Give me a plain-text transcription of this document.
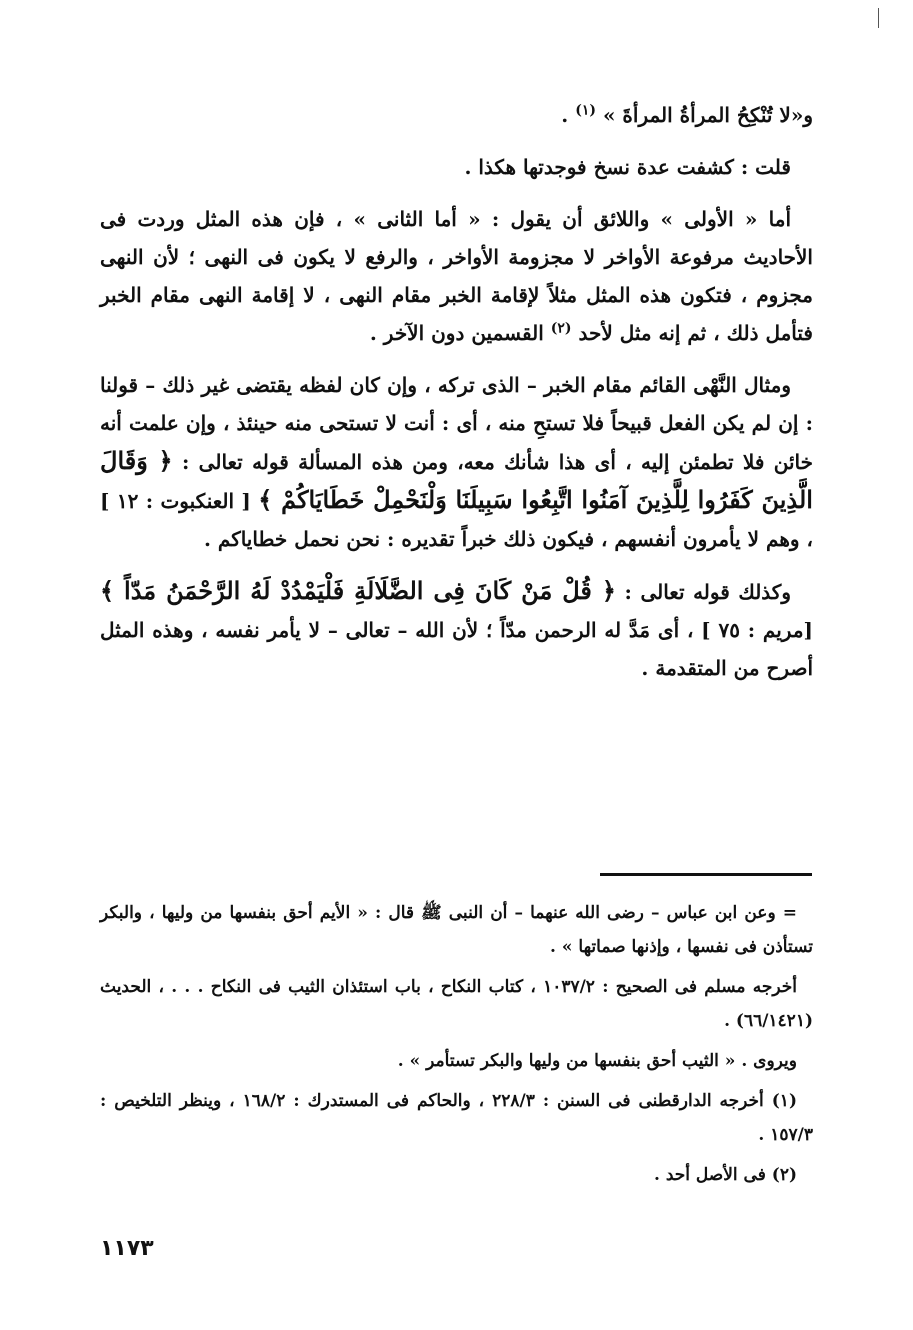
و«لا تُنْكِحُ المرأةُ المرأةَ » $^{(١)}$ .

قلت : كشفت عدة نسخ فوجدتها هكذا .

أما « الأولى » واللائق أن يقول : « أما الثانى » ، فإن هذه المثل وردت فى الأحاديث مرفوعة الأواخر لا مجزومة الأواخر ، والرفع لا يكون فى النهى ؛ لأن النهى مجزوم ، فتكون هذه المثل مثلاً لإقامة الخبر مقام النهى ، لا إقامة النهى مقام الخبر فتأمل ذلك ، ثم إنه مثل لأحد $^{(٢)}$ القسمين دون الآخر .

ومثال النَّهْى القائم مقام الخبر – الذى تركه ، وإن كان لفظه يقتضى غير ذلك – قولنا : إن لم يكن الفعل قبيحاً فلا تستحِ منه ، أى : أنت لا تستحى منه حينئذ ، وإن علمت أنه خائن فلا تطمئن إليه ، أى هذا شأنك معه، ومن هذه المسألة قوله تعالى : ﴿ وَقَالَ الَّذِينَ كَفَرُوا لِلَّذِينَ آمَنُوا اتَّبِعُوا سَبِيلَنَا وَلْنَحْمِلْ خَطَايَاكُمْ ﴾ [ العنكبوت : ١٢ ] ، وهم لا يأمرون أنفسهم ، فيكون ذلك خبراً تقديره : نحن نحمل خطاياكم .

وكذلك قوله تعالى : ﴿ قُلْ مَنْ كَانَ فِى الضَّلَالَةِ فَلْيَمْدُدْ لَهُ الرَّحْمَنُ مَدّاً ﴾ [مريم : ٧٥ ] ، أى مَدَّ له الرحمن مدّاً ؛ لأن الله – تعالى – لا يأمر نفسه ، وهذه المثل أصرح من المتقدمة .

= وعن ابن عباس – رضى الله عنهما – أن النبى ﷺ قال : « الأيم أحق بنفسها من وليها ، والبكر تستأذن فى نفسها ، وإذنها صماتها » .

أخرجه مسلم فى الصحيح : ١٠٣٧/٢ ، كتاب النكاح ، باب استئذان الثيب فى النكاح . . . ، الحديث (٦٦/١٤٢١) .

ويروى . « الثيب أحق بنفسها من وليها والبكر تستأمر » .

(١) أخرجه الدارقطنى فى السنن : ٢٢٨/٣ ، والحاكم فى المستدرك : ١٦٨/٢ ، وينظر التلخيص : ١٥٧/٣ .

(٢) فى الأصل أحد .

١١٧٣
